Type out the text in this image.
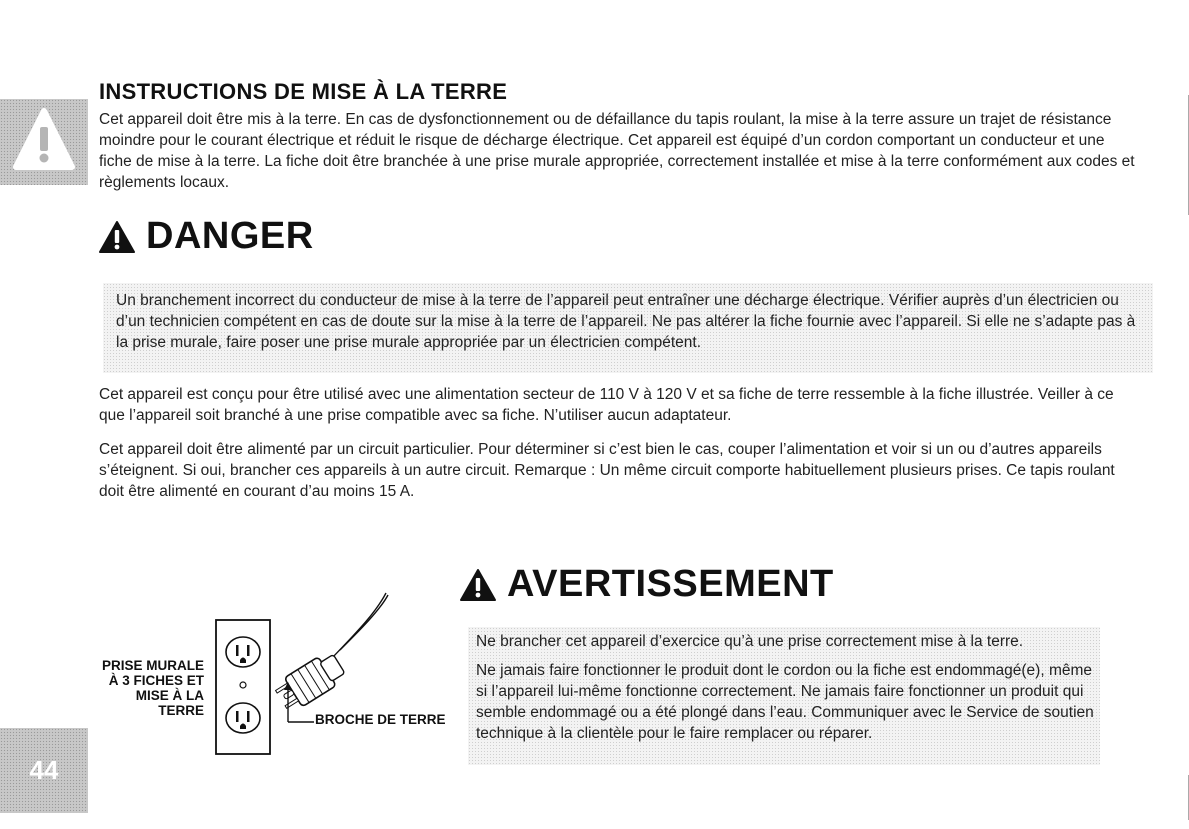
44
INSTRUCTIONS DE MISE À LA TERRE
Cet appareil doit être mis à la terre. En cas de dysfonctionnement ou de défaillance du tapis roulant, la mise à la terre assure un trajet de résistance moindre pour le courant électrique et réduit le risque de décharge électrique. Cet appareil est équipé d’un cordon comportant un conducteur et une fiche de mise à la terre. La fiche doit être branchée à une prise murale appropriée, correctement installée et mise à la terre conformément aux codes et règlements locaux.
DANGER
Un branchement incorrect du conducteur de mise à la terre de l’appareil peut entraîner une décharge électrique. Vérifier auprès d’un électricien ou d’un technicien compétent en cas de doute sur la mise à la terre de l’appareil. Ne pas altérer la fiche fournie avec l’appareil. Si elle ne s’adapte pas à la prise murale, faire poser une prise murale appropriée par un électricien compétent.
Cet appareil est conçu pour être utilisé avec une alimentation secteur de 110 V à 120 V et sa fiche de terre ressemble à la fiche illustrée. Veiller à ce que l’appareil soit branché à une prise compatible avec sa fiche. N’utiliser aucun adaptateur.
Cet appareil doit être alimenté par un circuit particulier. Pour déterminer si c’est bien le cas, couper l’alimentation et voir si un ou d’autres appareils s’éteignent. Si oui, brancher ces appareils à un autre circuit. Remarque : Un même circuit comporte habituellement plusieurs prises. Ce tapis roulant doit être alimenté en courant d’au moins 15 A.
PRISE MURALE À 3 FICHES ET MISE À LA TERRE
BROCHE DE TERRE
AVERTISSEMENT
Ne brancher cet appareil d’exercice qu’à une prise correctement mise à la terre.
Ne jamais faire fonctionner le produit dont le cordon ou la fiche est endommagé(e), même si l’appareil lui-même fonctionne correctement. Ne jamais faire fonctionner un produit qui semble endommagé ou a été plongé dans l’eau. Communiquer avec le Service de soutien technique à la clientèle pour le faire remplacer ou réparer.
